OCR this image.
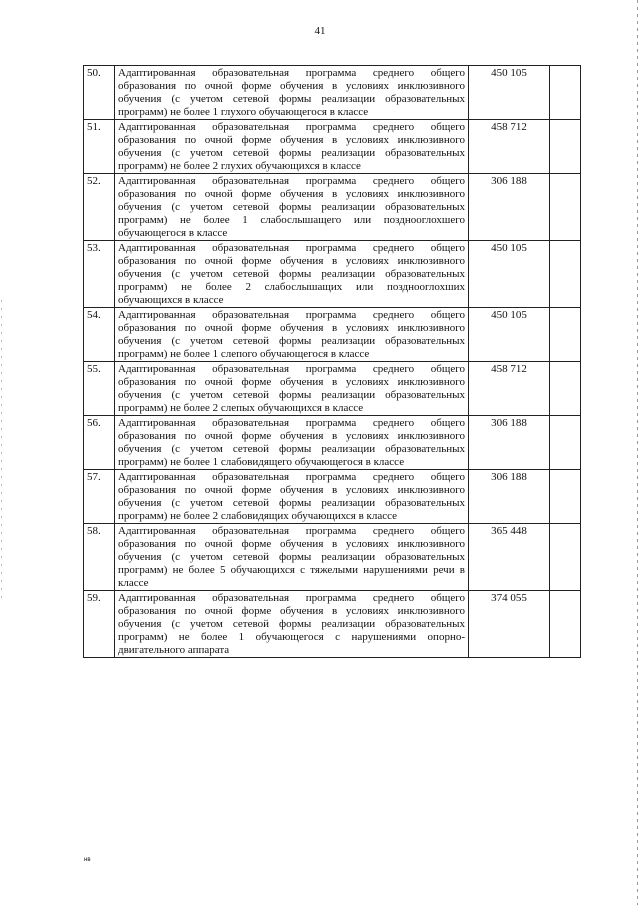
41
50.	Адаптированная образовательная программа среднего общего образования по очной форме обучения в условиях инклюзивного обучения (с учетом сетевой формы реализации образовательных программ) не более 1 глухого обучающегося в классе	450 105	
51.	Адаптированная образовательная программа среднего общего образования по очной форме обучения в условиях инклюзивного обучения (с учетом сетевой формы реализации образовательных программ) не более 2 глухих обучающихся в классе	458 712	
52.	Адаптированная образовательная программа среднего общего образования по очной форме обучения в условиях инклюзивного обучения (с учетом сетевой формы реализации образовательных программ) не более 1 слабослышащего или позднооглохшего обучающегося в классе	306 188	
53.	Адаптированная образовательная программа среднего общего образования по очной форме обучения в условиях инклюзивного обучения (с учетом сетевой формы реализации образовательных программ) не более 2 слабослышащих или позднооглохших обучающихся в классе	450 105	
54.	Адаптированная образовательная программа среднего общего образования по очной форме обучения в условиях инклюзивного обучения (с учетом сетевой формы реализации образовательных программ) не более 1 слепого обучающегося в классе	450 105	
55.	Адаптированная образовательная программа среднего общего образования по очной форме обучения в условиях инклюзивного обучения (с учетом сетевой формы реализации образовательных программ) не более 2 слепых обучающихся в классе	458 712	
56.	Адаптированная образовательная программа среднего общего образования по очной форме обучения в условиях инклюзивного обучения (с учетом сетевой формы реализации образовательных программ) не более 1 слабовидящего обучающегося в классе	306 188	
57.	Адаптированная образовательная программа среднего общего образования по очной форме обучения в условиях инклюзивного обучения (с учетом сетевой формы реализации образовательных программ) не более 2 слабовидящих обучающихся в классе	306 188	
58.	Адаптированная образовательная программа среднего общего образования по очной форме обучения в условиях инклюзивного обучения (с учетом сетевой формы реализации образовательных программ) не более 5 обучающихся с тяжелыми нарушениями речи в классе	365 448	
59.	Адаптированная образовательная программа среднего общего образования по очной форме обучения в условиях инклюзивного обучения (с учетом сетевой формы реализации образовательных программ) не более 1 обучающегося с нарушениями опорно-двигательного аппарата	374 055	
нв
